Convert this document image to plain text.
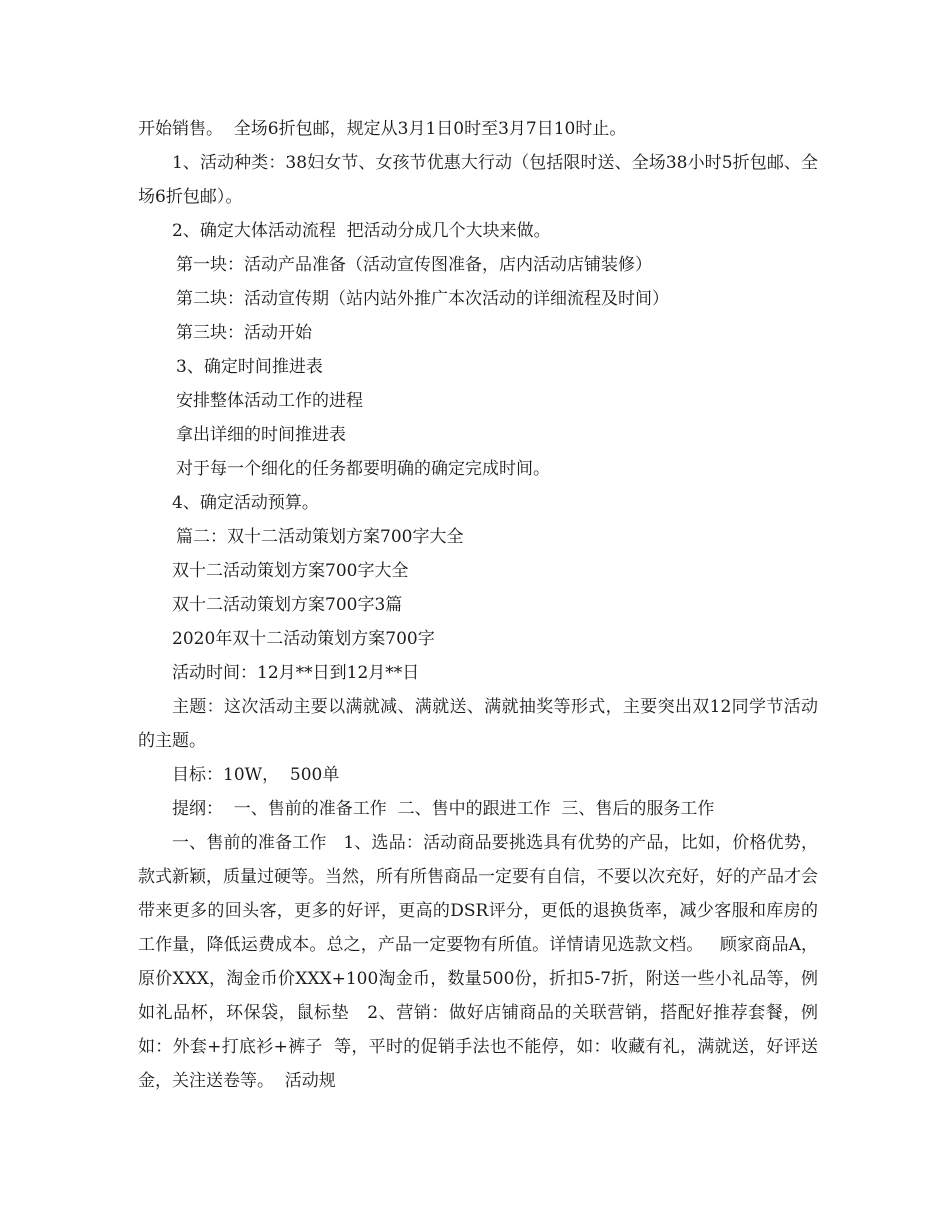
开始销售。  全场6折包邮，规定从3月1日0时至3月7日10时止。

1、活动种类：38妇女节、女孩节优惠大行动（包括限时送、全场38小时5折包邮、全场6折包邮）。

2、确定大体活动流程  把活动分成几个大块来做。

第一块：活动产品准备（活动宣传图准备，店内活动店铺装修）

第二块：活动宣传期（站内站外推广本次活动的详细流程及时间）

第三块：活动开始

3、确定时间推进表

安排整体活动工作的进程

拿出详细的时间推进表

对于每一个细化的任务都要明确的确定完成时间。

4、确定活动预算。

篇二：双十二活动策划方案700字大全

双十二活动策划方案700字大全

双十二活动策划方案700字3篇

2020年双十二活动策划方案700字

活动时间：12月**日到12月**日

主题：这次活动主要以满就减、满就送、满就抽奖等形式，主要突出双12同学节活动的主题。

目标：10W，  500单

提纲：  一、售前的准备工作  二、售中的跟进工作  三、售后的服务工作

一、售前的准备工作   1、选品：活动商品要挑选具有优势的产品，比如，价格优势，款式新颖，质量过硬等。当然，所有所售商品一定要有自信，不要以次充好，好的产品才会带来更多的回头客，更多的好评，更高的DSR评分，更低的退换货率，减少客服和库房的工作量，降低运费成本。总之，产品一定要物有所值。详情请见选款文档。   顾家商品A，原价XXX，淘金币价XXX+100淘金币，数量500份，折扣5-7折，附送一些小礼品等，例如礼品杯，环保袋，鼠标垫   2、营销：做好店铺商品的关联营销，搭配好推荐套餐，例如：外套+打底衫+裤子  等，平时的促销手法也不能停，如：收藏有礼，满就送，好评送金，关注送卷等。  活动规
